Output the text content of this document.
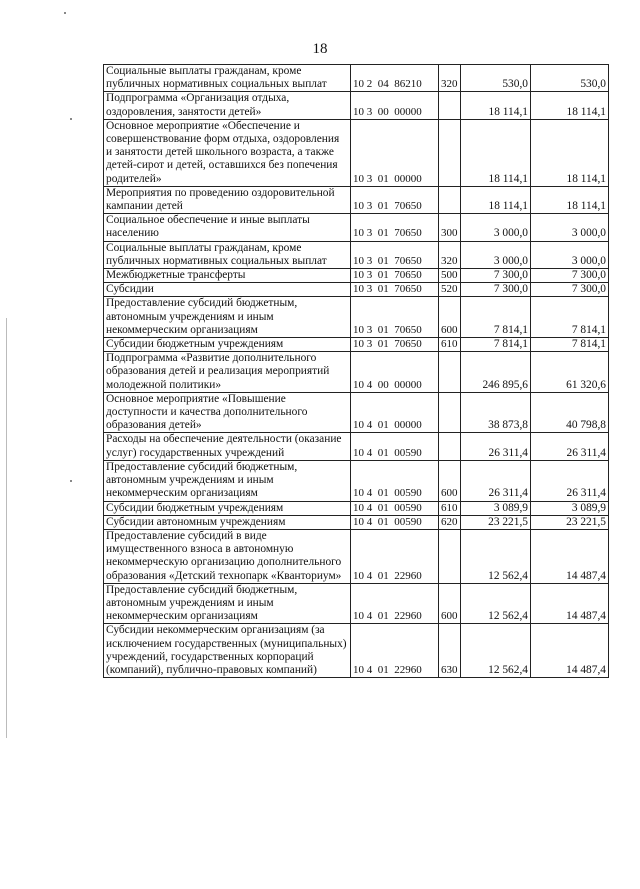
18
Социальные выплаты гражданам, кроме публичных нормативных социальных выплат	10 2  04  86210	320	530,0	530,0
Подпрограмма «Организация отдыха, оздоровления, занятости детей»	10 3  00  00000		18 114,1	18 114,1
Основное мероприятие «Обеспечение и совершенствование форм отдыха, оздоровления и занятости детей школьного возраста, а также детей-сирот и детей, оставшихся без попечения родителей»	10 3  01  00000		18 114,1	18 114,1
Мероприятия по проведению оздоровительной кампании детей	10 3  01  70650		18 114,1	18 114,1
Социальное обеспечение и иные выплаты населению	10 3  01  70650	300	3 000,0	3 000,0
Социальные выплаты гражданам, кроме публичных нормативных социальных выплат	10 3  01  70650	320	3 000,0	3 000,0
Межбюджетные трансферты	10 3  01  70650	500	7 300,0	7 300,0
Субсидии	10 3  01  70650	520	7 300,0	7 300,0
Предоставление субсидий бюджетным, автономным учреждениям и иным некоммерческим организациям	10 3  01  70650	600	7 814,1	7 814,1
Субсидии бюджетным учреждениям	10 3  01  70650	610	7 814,1	7 814,1
Подпрограмма «Развитие дополнительного образования детей и реализация мероприятий молодежной политики»	10 4  00  00000		246 895,6	61 320,6
Основное мероприятие «Повышение доступности и качества дополнительного образования детей»	10 4  01  00000		38 873,8	40 798,8
Расходы на обеспечение деятельности (оказание услуг) государственных учреждений	10 4  01  00590		26 311,4	26 311,4
Предоставление субсидий бюджетным, автономным учреждениям и иным некоммерческим организациям	10 4  01  00590	600	26 311,4	26 311,4
Субсидии бюджетным учреждениям	10 4  01  00590	610	3 089,9	3 089,9
Субсидии автономным учреждениям	10 4  01  00590	620	23 221,5	23 221,5
Предоставление субсидий в виде имущественного взноса в автономную некоммерческую организацию дополнительного образования «Детский технопарк «Кванториум»	10 4  01  22960		12 562,4	14 487,4
Предоставление субсидий бюджетным, автономным учреждениям и иным некоммерческим организациям	10 4  01  22960	600	12 562,4	14 487,4
Субсидии некоммерческим организациям (за исключением государственных (муниципальных) учреждений, государственных корпораций (компаний), публично-правовых компаний)	10 4  01  22960	630	12 562,4	14 487,4
